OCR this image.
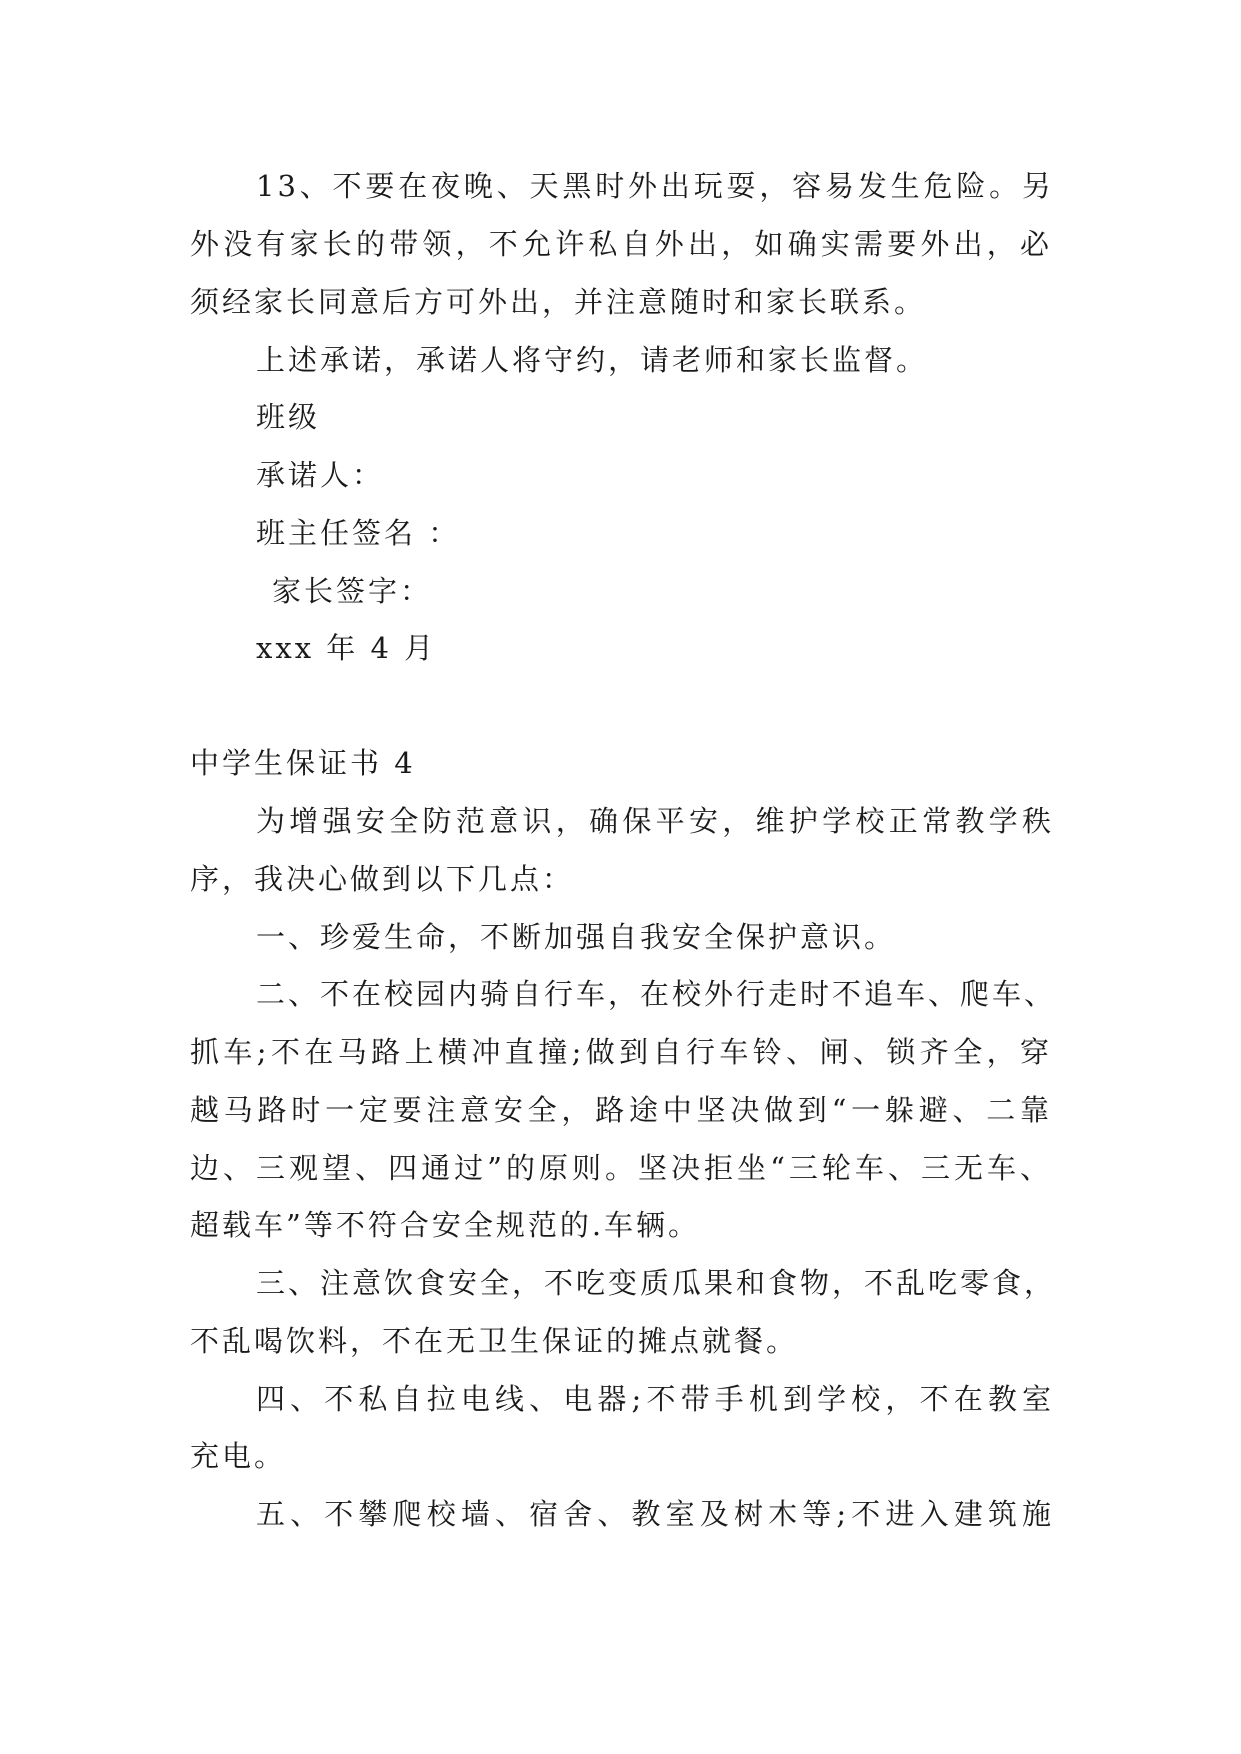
13、不要在夜晚、天黑时外出玩耍，容易发生危险。另
外没有家长的带领，不允许私自外出，如确实需要外出，必
须经家长同意后方可外出，并注意随时和家长联系。
上述承诺，承诺人将守约，请老师和家长监督。
班级
承诺人：
班主任签名 ：
家长签字：
xxx 年 4 月
中学生保证书 4
为增强安全防范意识，确保平安，维护学校正常教学秩
序，我决心做到以下几点：
一、珍爱生命，不断加强自我安全保护意识。
二、不在校园内骑自行车，在校外行走时不追车、爬车、
抓车;不在马路上横冲直撞;做到自行车铃、闸、锁齐全，穿
越马路时一定要注意安全，路途中坚决做到“一躲避、二靠
边、三观望、四通过”的原则。坚决拒坐“三轮车、三无车、
超载车”等不符合安全规范的.车辆。
三、注意饮食安全，不吃变质瓜果和食物，不乱吃零食，
不乱喝饮料，不在无卫生保证的摊点就餐。
四、不私自拉电线、电器;不带手机到学校，不在教室
充电。
五、不攀爬校墙、宿舍、教室及树木等;不进入建筑施
